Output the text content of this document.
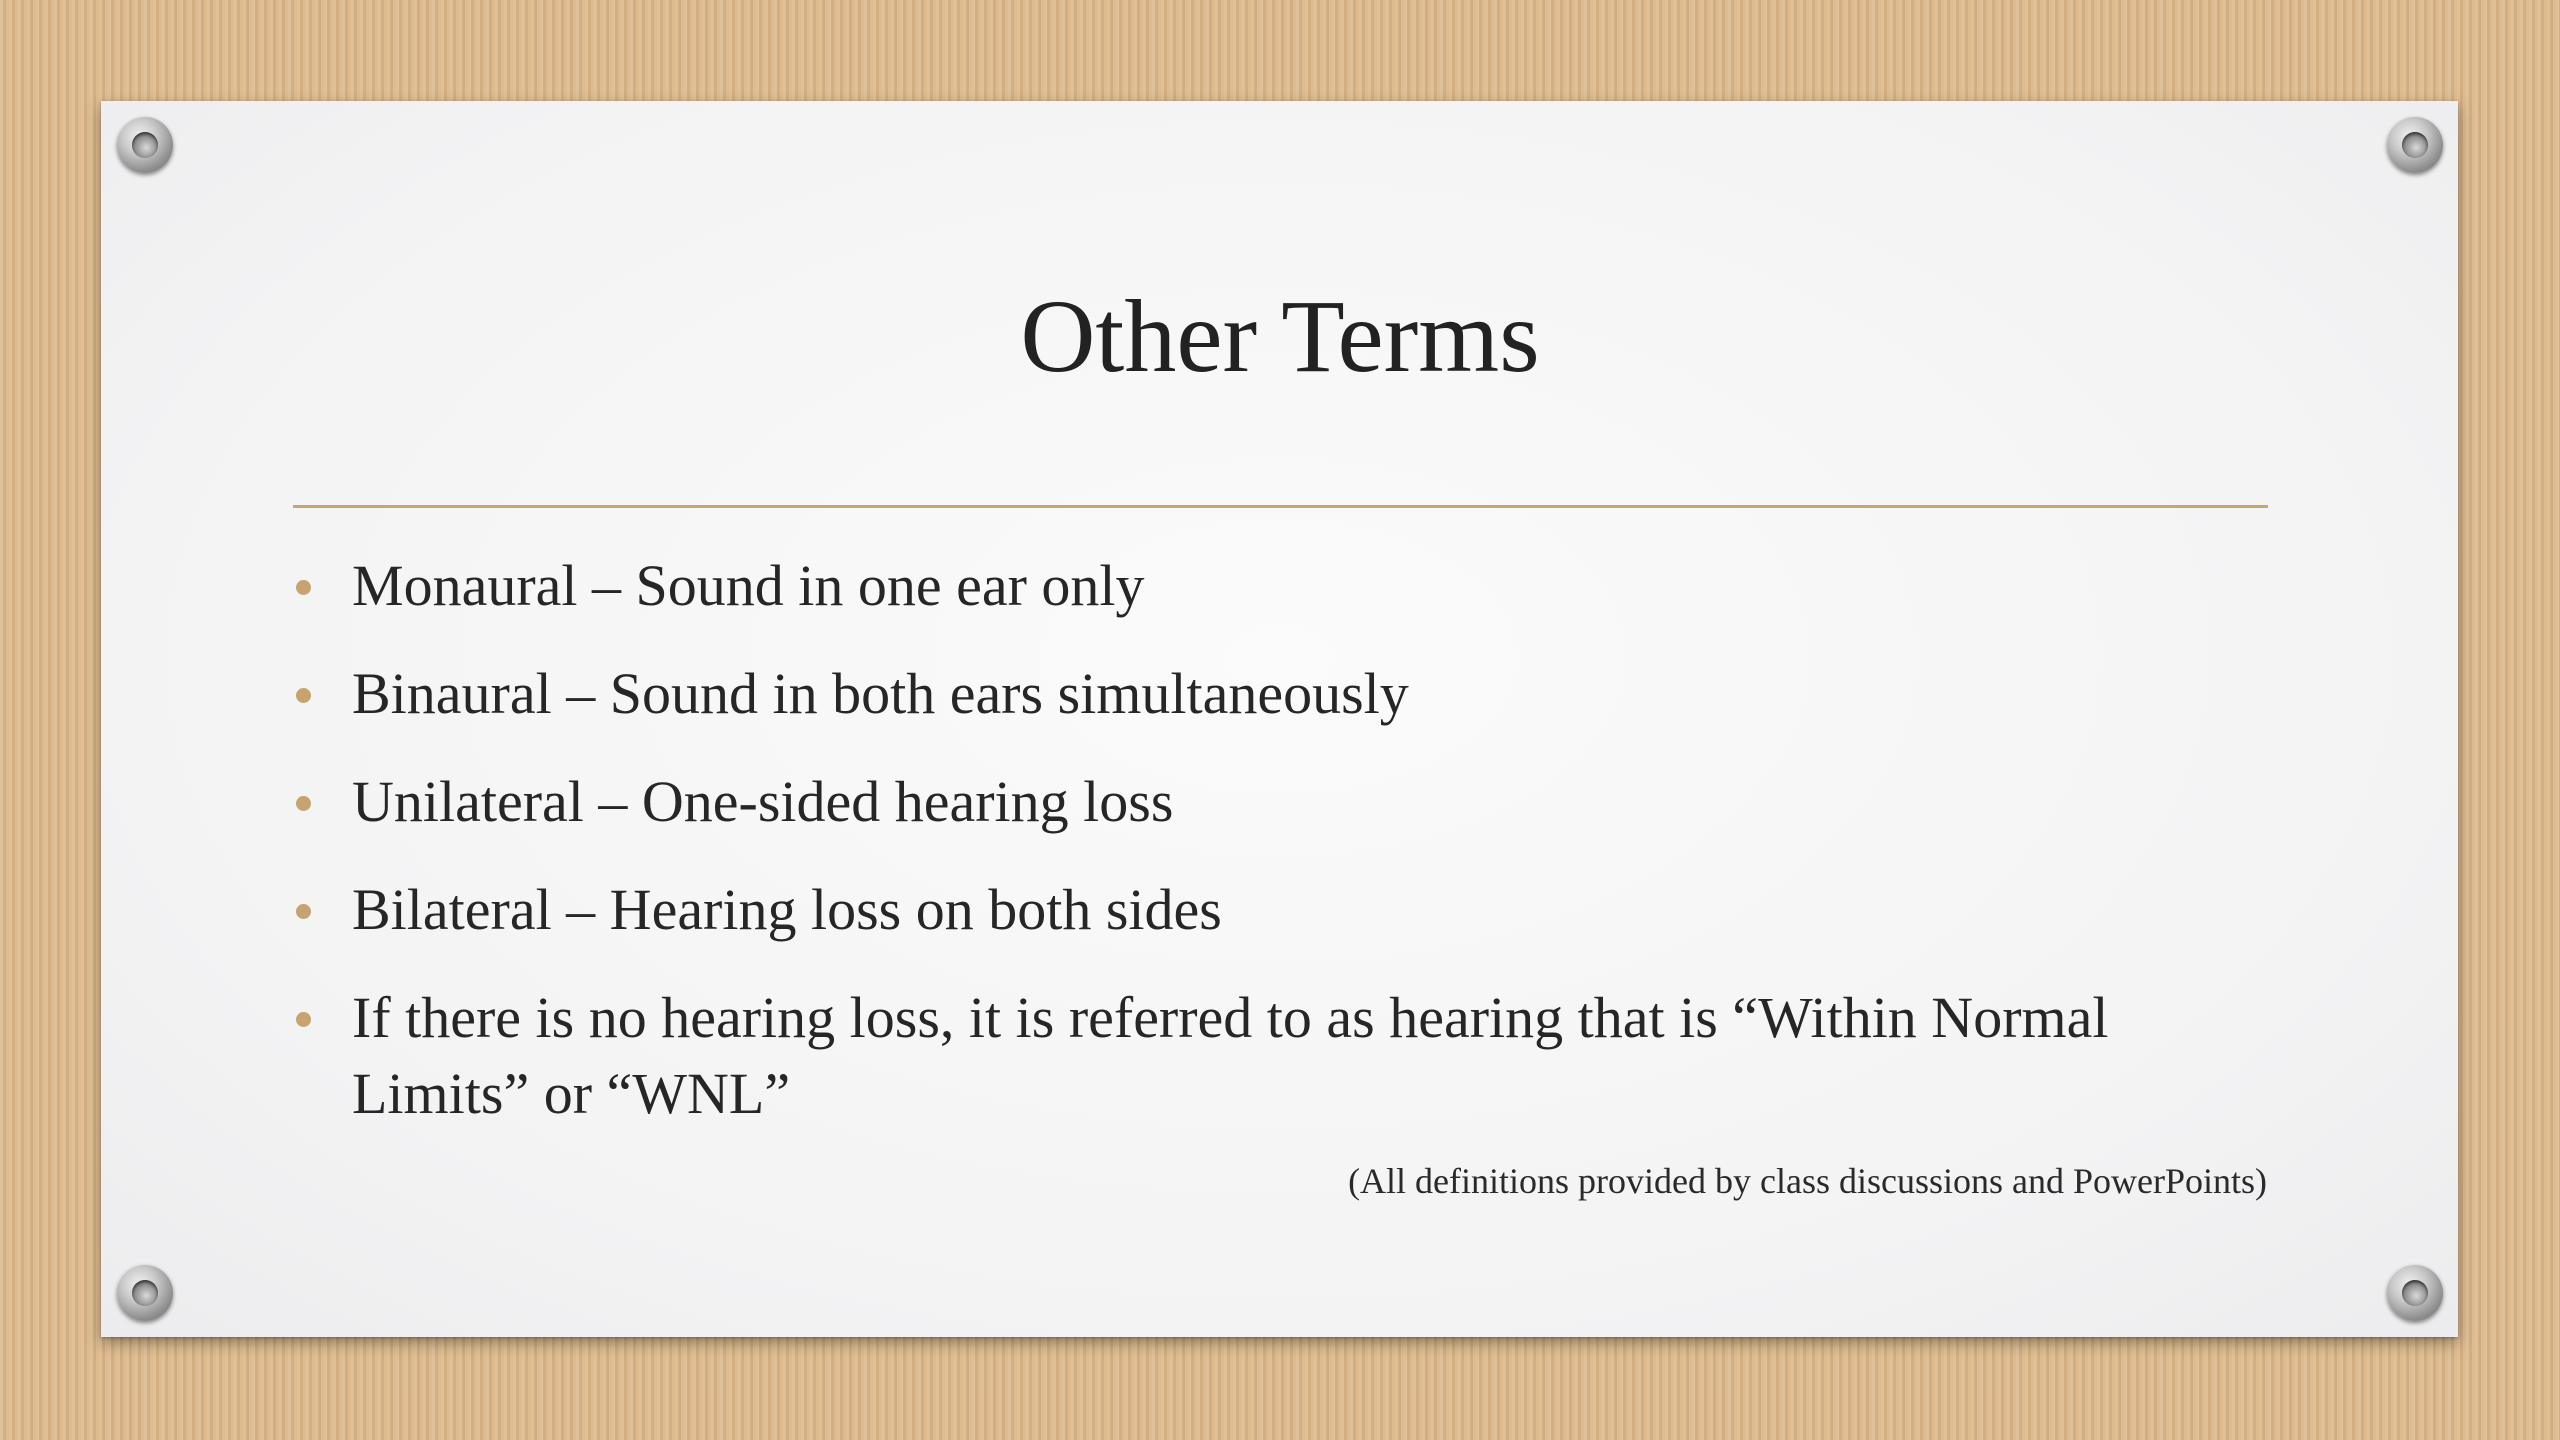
Other Terms
Monaural – Sound in one ear only
Binaural – Sound in both ears simultaneously
Unilateral – One-sided hearing loss
Bilateral – Hearing loss on both sides
If there is no hearing loss, it is referred to as hearing that is “Within Normal Limits” or “WNL”
(All definitions provided by class discussions and PowerPoints)
